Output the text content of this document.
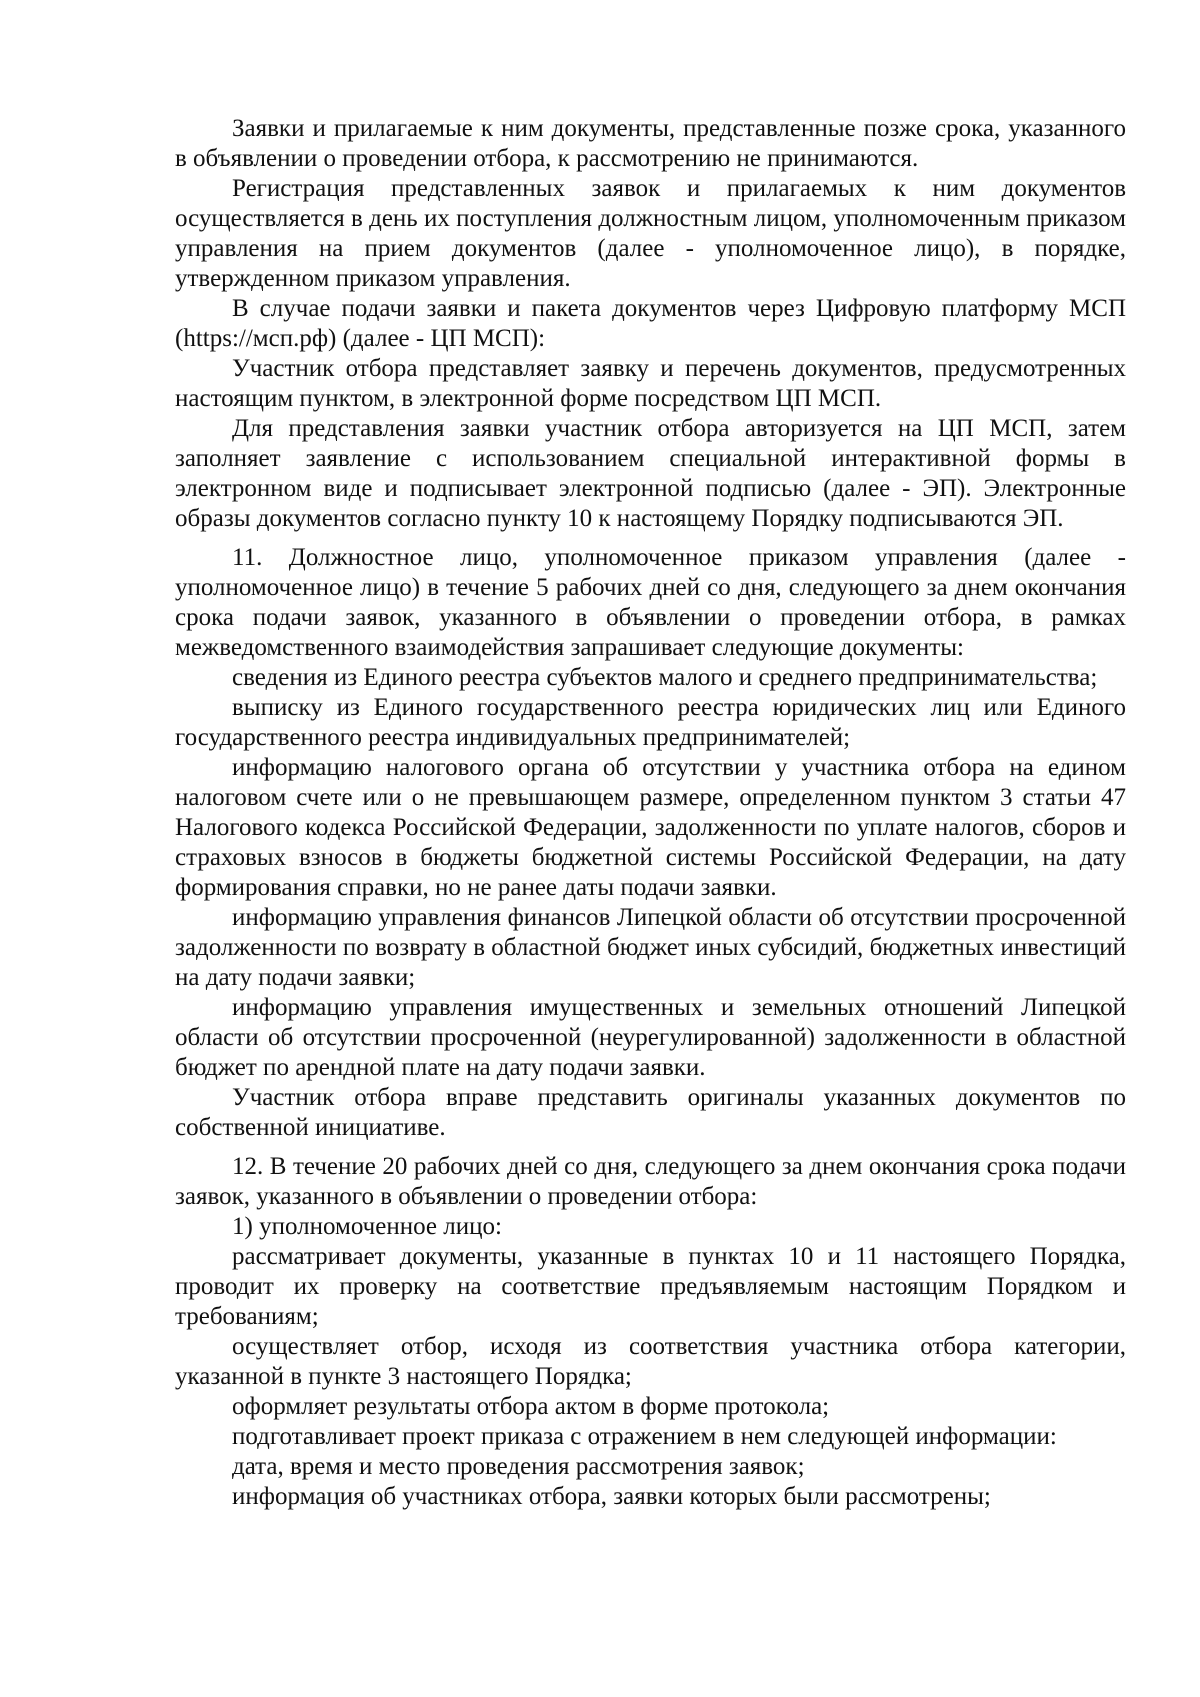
Заявки и прилагаемые к ним документы, представленные позже срока, указанного в объявлении о проведении отбора, к рассмотрению не принимаются.

Регистрация представленных заявок и прилагаемых к ним документов осуществляется в день их поступления должностным лицом, уполномоченным приказом управления на прием документов (далее - уполномоченное лицо), в порядке, утвержденном приказом управления.

В случае подачи заявки и пакета документов через Цифровую платформу МСП (https://мсп.рф) (далее - ЦП МСП):

Участник отбора представляет заявку и перечень документов, предусмотренных настоящим пунктом, в электронной форме посредством ЦП МСП.

Для представления заявки участник отбора авторизуется на ЦП МСП, затем заполняет заявление с использованием специальной интерактивной формы в электронном виде и подписывает электронной подписью (далее - ЭП). Электронные образы документов согласно пункту 10 к настоящему Порядку подписываются ЭП.

11. Должностное лицо, уполномоченное приказом управления (далее - уполномоченное лицо) в течение 5 рабочих дней со дня, следующего за днем окончания срока подачи заявок, указанного в объявлении о проведении отбора, в рамках межведомственного взаимодействия запрашивает следующие документы:

сведения из Единого реестра субъектов малого и среднего предпринимательства;

выписку из Единого государственного реестра юридических лиц или Единого государственного реестра индивидуальных предпринимателей;

информацию налогового органа об отсутствии у участника отбора на едином налоговом счете или о не превышающем размере, определенном пунктом 3 статьи 47 Налогового кодекса Российской Федерации, задолженности по уплате налогов, сборов и страховых взносов в бюджеты бюджетной системы Российской Федерации, на дату формирования справки, но не ранее даты подачи заявки.

информацию управления финансов Липецкой области об отсутствии просроченной задолженности по возврату в областной бюджет иных субсидий, бюджетных инвестиций на дату подачи заявки;

информацию управления имущественных и земельных отношений Липецкой области об отсутствии просроченной (неурегулированной) задолженности в областной бюджет по арендной плате на дату подачи заявки.

Участник отбора вправе представить оригиналы указанных документов по собственной инициативе.

12. В течение 20 рабочих дней со дня, следующего за днем окончания срока подачи заявок, указанного в объявлении о проведении отбора:

1) уполномоченное лицо:

рассматривает документы, указанные в пунктах 10 и 11 настоящего Порядка, проводит их проверку на соответствие предъявляемым настоящим Порядком и требованиям;

осуществляет отбор, исходя из соответствия участника отбора категории, указанной в пункте 3 настоящего Порядка;

оформляет результаты отбора актом в форме протокола;

подготавливает проект приказа с отражением в нем следующей информации:

дата, время и место проведения рассмотрения заявок;

информация об участниках отбора, заявки которых были рассмотрены;
